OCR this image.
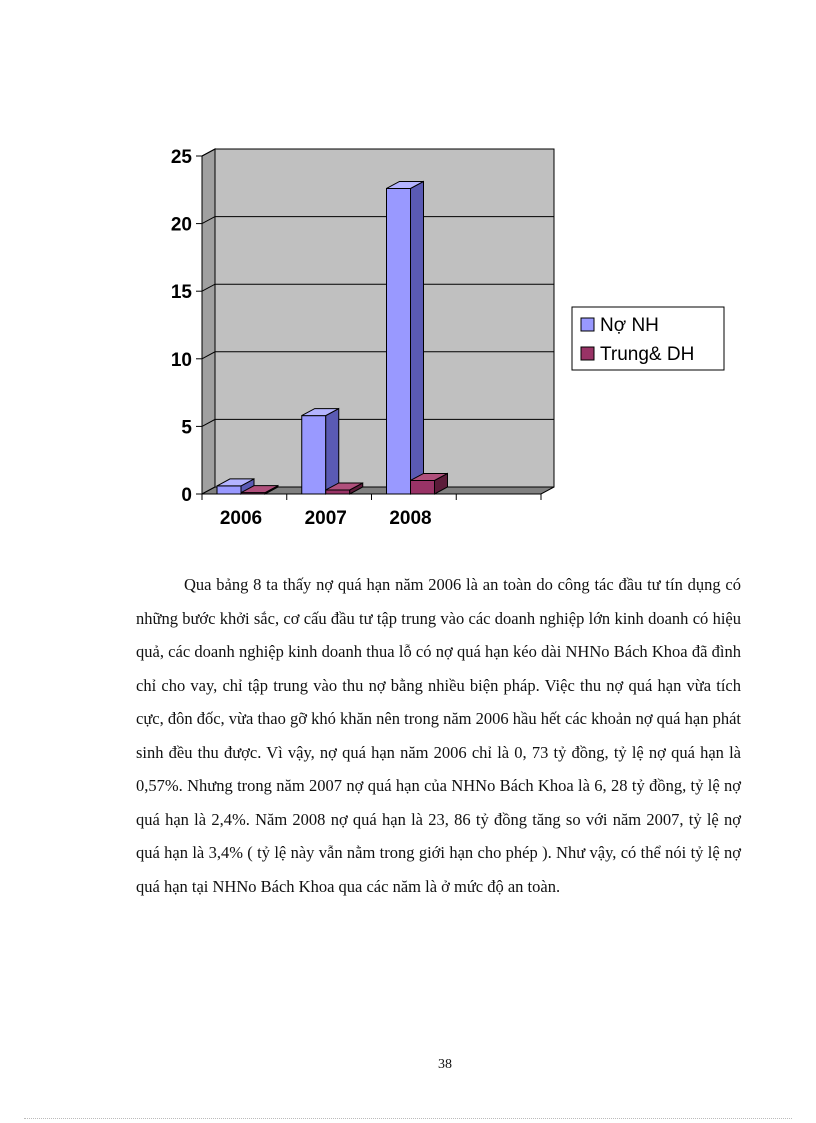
0
5
10
15
20
25
2006 2007 2008
Nợ NH
Trung& DH

Qua bảng 8 ta thấy nợ quá hạn năm 2006 là an toàn do công tác đầu tư tín dụng có những bước khởi sắc, cơ cấu đầu tư tập trung vào các doanh nghiệp lớn kinh doanh có hiệu quả, các doanh nghiệp kinh doanh thua lỗ có nợ quá hạn kéo dài NHNo Bách Khoa đã đình chỉ cho vay, chỉ tập trung vào thu nợ bằng nhiều biện pháp. Việc thu nợ quá hạn vừa tích cực, đôn đốc, vừa thao gỡ khó khăn nên trong năm 2006 hầu hết các khoản nợ quá hạn phát sinh đều thu được. Vì vậy, nợ quá hạn năm 2006 chỉ là 0, 73 tỷ đồng, tỷ lệ nợ quá hạn là 0,57%. Nhưng trong năm 2007 nợ quá hạn của NHNo Bách Khoa là 6, 28 tỷ đồng, tỷ lệ nợ quá hạn là 2,4%. Năm 2008 nợ quá hạn là 23, 86 tỷ đồng tăng so với năm 2007, tỷ lệ nợ quá hạn là 3,4% ( tỷ lệ này vẫn nằm trong giới hạn cho phép ). Như vậy, có thể nói tỷ lệ nợ quá hạn tại NHNo Bách Khoa qua các năm là ở mức độ an toàn.

38
